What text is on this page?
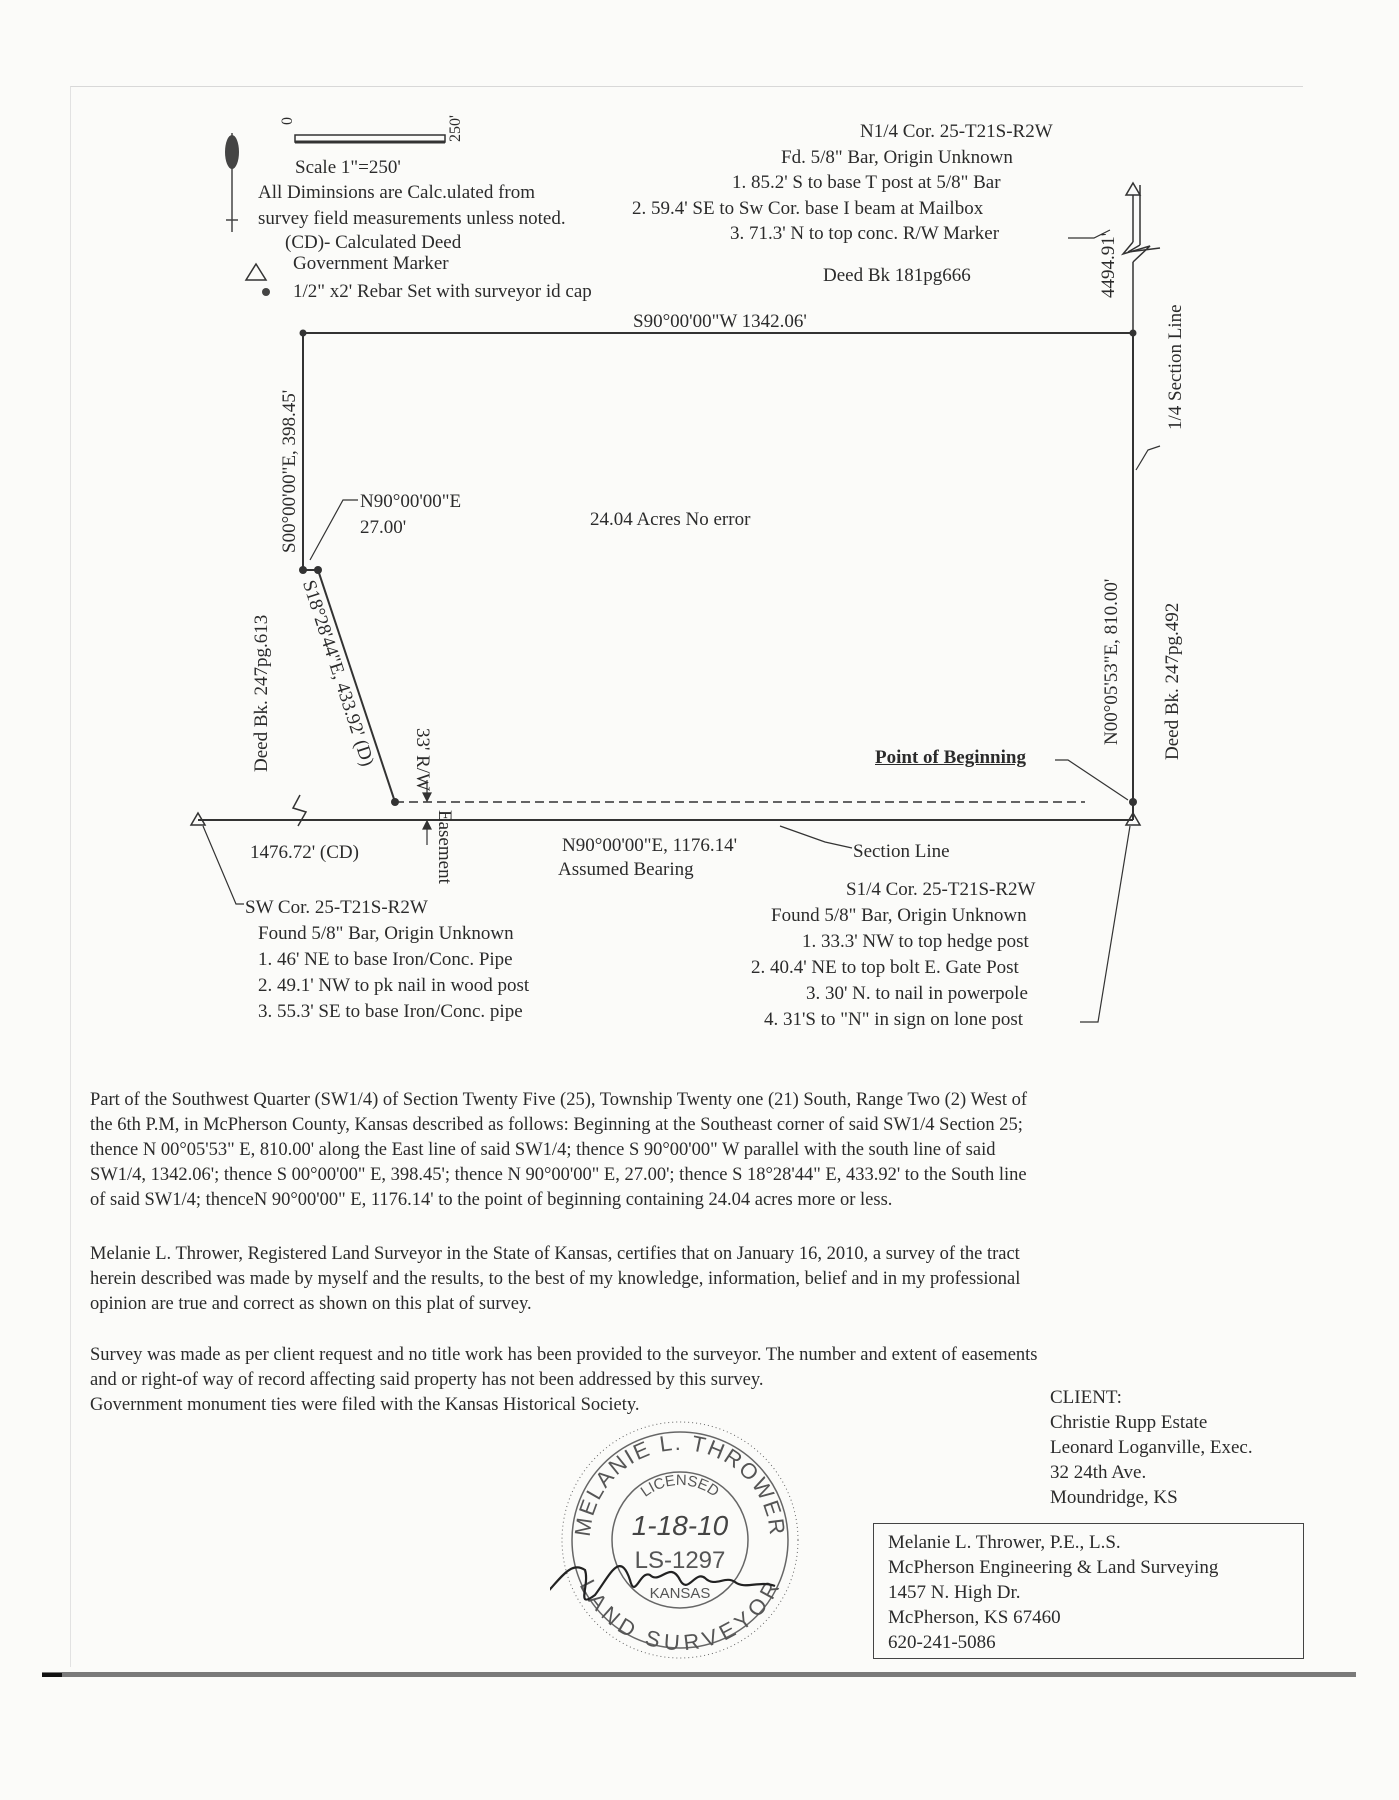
0	250'
Scale 1"=250'
All Diminsions are Calc.ulated from
survey field measurements unless noted.
(CD)- Calculated Deed
Government Marker
1/2" x2' Rebar Set with surveyor id cap
N1/4 Cor. 25-T21S-R2W
Fd. 5/8" Bar, Origin Unknown
1. 85.2' S to base T post at 5/8" Bar
2. 59.4' SE to Sw Cor. base I beam at Mailbox
3. 71.3' N to top conc. R/W Marker
Deed Bk 181pg666	4494.91'
S90°00'00"W 1342.06'
S00°00'00"E, 398.45'	N90°00'00"E
27.00'	24.04 Acres No error
S18°28'44"E, 433.92' (D)
Deed Bk. 247pg.613	33' R/W
Easement
N00°05'53"E, 810.00' Deed Bk. 247pg.492
1/4 Section Line
Point of Beginning
1476.72' (CD)	N90°00'00"E, 1176.14'
Assumed Bearing
Section Line
SW Cor. 25-T21S-R2W
Found 5/8" Bar, Origin Unknown
1. 46' NE to base Iron/Conc. Pipe
2. 49.1' NW to pk nail in wood post
3. 55.3' SE to base Iron/Conc. pipe
S1/4 Cor. 25-T21S-R2W
Found 5/8" Bar, Origin Unknown
1. 33.3' NW to top hedge post
2. 40.4' NE to top bolt E. Gate Post
3. 30' N. to nail in powerpole
4. 31'S to "N" in sign on lone post

Part of the Southwest Quarter (SW1/4) of Section Twenty Five (25), Township Twenty one (21) South, Range Two (2) West of

the 6th P.M, in McPherson County, Kansas described as follows: Beginning at the Southeast corner of said SW1/4 Section 25;

thence N 00°05'53" E, 810.00' along the East line of said SW1/4; thence S 90°00'00" W parallel with the south line of said

SW1/4, 1342.06'; thence S 00°00'00" E, 398.45'; thence N 90°00'00" E, 27.00'; thence S 18°28'44" E, 433.92' to the South line

of said SW1/4; thenceN 90°00'00" E, 1176.14' to the point of beginning containing 24.04 acres more or less.

Melanie L. Thrower, Registered Land Surveyor in the State of Kansas, certifies that on January 16, 2010, a survey of the tract

herein described was made by myself and the results, to the best of my knowledge, information, belief and in my professional

opinion are true and correct as shown on this plat of survey.

Survey was made as per client request and no title work has been provided to the surveyor. The number and extent of easements

and or right-of way of record affecting said property has not been addressed by this survey.

Government monument ties were filed with the Kansas Historical Society.	CLIENT:
Christie Rupp Estate
Leonard Loganville, Exec.
32 24th Ave.
Moundridge, KS
Melanie L. Thrower, P.E., L.S.
McPherson Engineering & Land Surveying
1457 N. High Dr.
McPherson, KS 67460
620-241-5086
MELANIE L. THROWER
LAND SURVEYOR
LICENSED
1-18-10
LS-1297
KANSAS
